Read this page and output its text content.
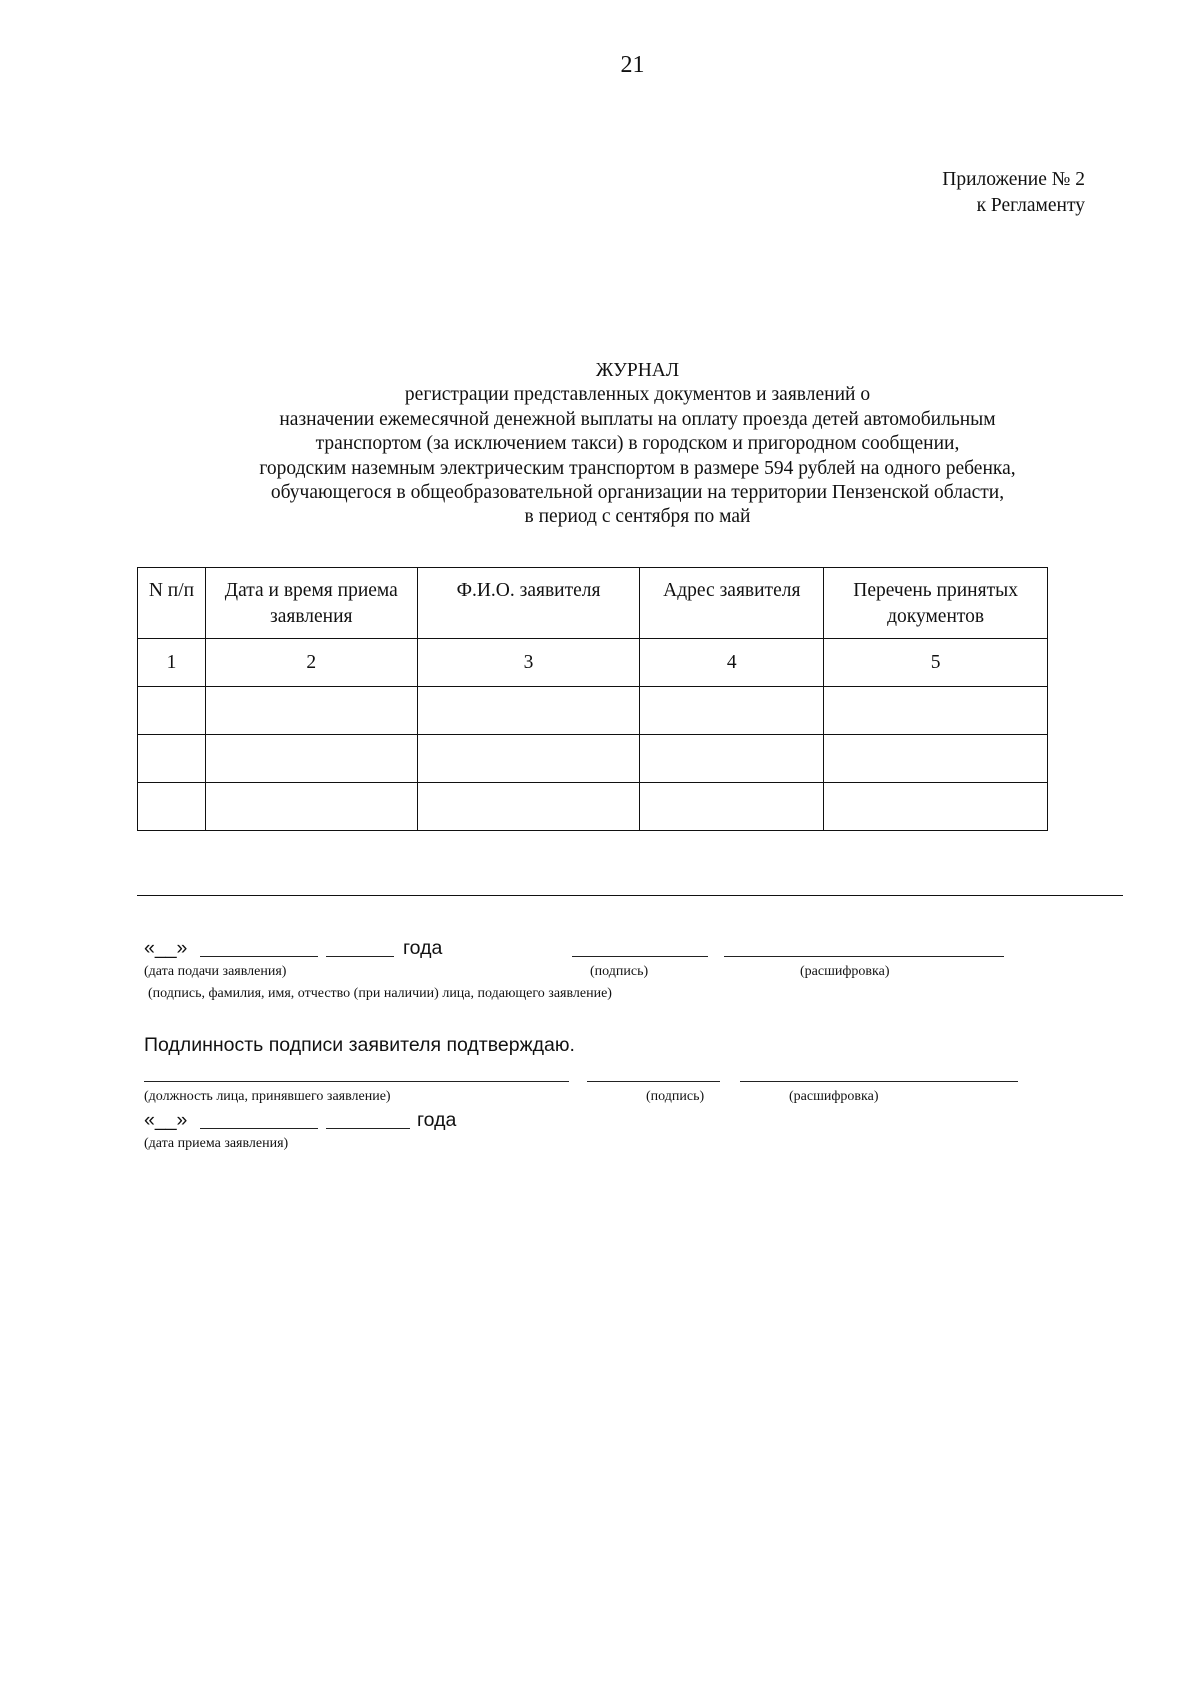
21
Приложение № 2
к Регламенту
ЖУРНАЛ
регистрации представленных документов и заявлений о
назначении ежемесячной денежной выплаты на оплату проезда детей автомобильным
транспортом (за исключением такси) в городском и пригородном сообщении,
городским наземным электрическим транспортом в размере 594 рублей на одного ребенка,
обучающегося в общеобразовательной организации на территории Пензенской области,
в период с сентября по май
N п/п	Дата и время приема заявления	Ф.И.О. заявителя	Адрес заявителя	Перечень принятых документов
1	2	3	4	5

«__»	года
(дата подачи заявления)	(подпись)	(расшифровка)
(подпись, фамилия, имя, отчество (при наличии) лица, подающего заявление)
Подлинность подписи заявителя подтверждаю.
(должность лица, принявшего заявление)	(подпись)	(расшифровка)
«__»	года
(дата приема заявления)
